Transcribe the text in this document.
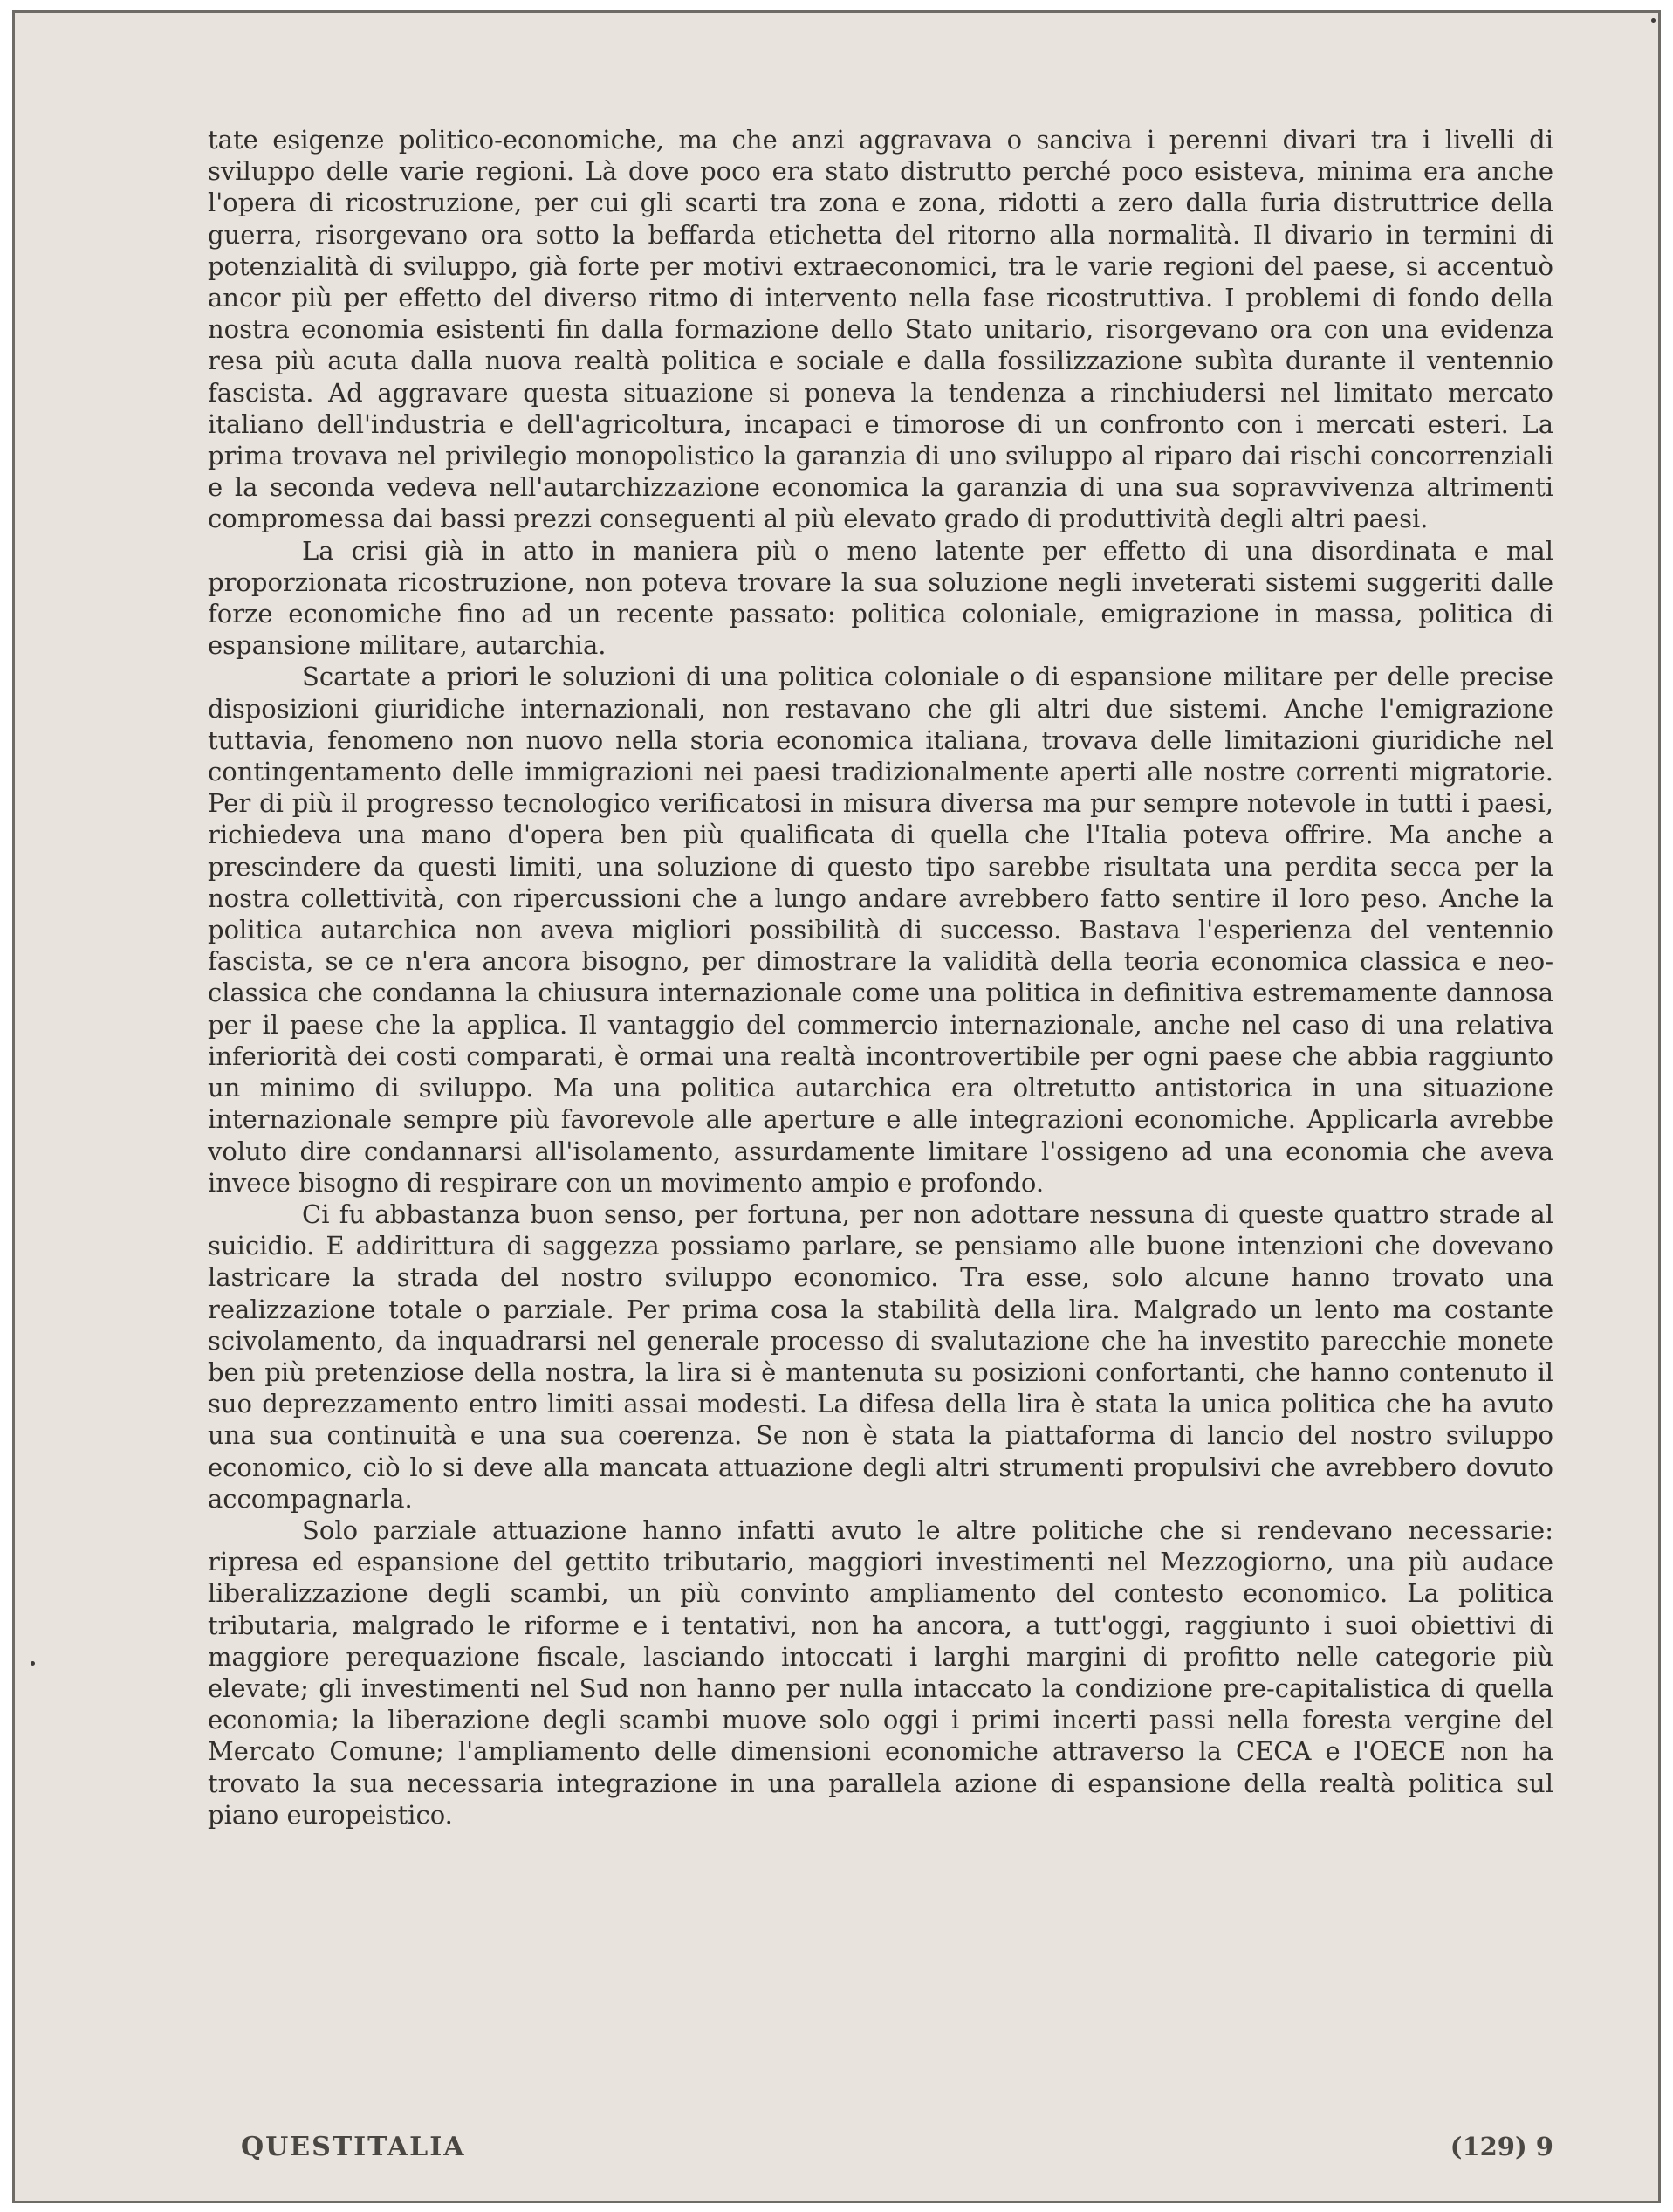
tate esigenze politico-economiche, ma che anzi aggravava o sanciva i perenni divari tra i livelli di sviluppo delle varie regioni. Là dove poco era stato distrutto perché poco esisteva, minima era anche l'opera di ricostruzione, per cui gli scarti tra zona e zona, ridotti a zero dalla furia distruttrice della guerra, risorgevano ora sotto la beffarda etichetta del ritorno alla normalità. Il divario in termini di potenzialità di sviluppo, già forte per motivi extraeconomici, tra le varie regioni del paese, si accentuò ancor più per effetto del diverso ritmo di intervento nella fase ricostruttiva. I problemi di fondo della nostra economia esistenti fin dalla formazione dello Stato unitario, risorgevano ora con una evidenza resa più acuta dalla nuova realtà politica e sociale e dalla fossilizzazione subìta durante il ventennio fascista. Ad aggravare questa situazione si poneva la tendenza a rinchiudersi nel limitato mercato italiano dell'industria e dell'agricoltura, incapaci e timorose di un confronto con i mercati esteri. La prima trovava nel privilegio monopolistico la garanzia di uno sviluppo al riparo dai rischi concorrenziali e la seconda vedeva nell'autarchizzazione economica la garanzia di una sua sopravvivenza altrimenti compromessa dai bassi prezzi conseguenti al più elevato grado di produttività degli altri paesi.

La crisi già in atto in maniera più o meno latente per effetto di una disordinata e mal proporzionata ricostruzione, non poteva trovare la sua soluzione negli inveterati sistemi suggeriti dalle forze economiche fino ad un recente passato: politica coloniale, emigrazione in massa, politica di espansione militare, autarchia.

Scartate a priori le soluzioni di una politica coloniale o di espansione militare per delle precise disposizioni giuridiche internazionali, non restavano che gli altri due sistemi. Anche l'emigrazione tuttavia, fenomeno non nuovo nella storia economica italiana, trovava delle limitazioni giuridiche nel contingentamento delle immigrazioni nei paesi tradizionalmente aperti alle nostre correnti migratorie. Per di più il progresso tecnologico verificatosi in misura diversa ma pur sempre notevole in tutti i paesi, richiedeva una mano d'opera ben più qualificata di quella che l'Italia poteva offrire. Ma anche a prescindere da questi limiti, una soluzione di questo tipo sarebbe risultata una perdita secca per la nostra collettività, con ripercussioni che a lungo andare avrebbero fatto sentire il loro peso. Anche la politica autarchica non aveva migliori possibilità di successo. Bastava l'esperienza del ventennio fascista, se ce n'era ancora bisogno, per dimostrare la validità della teoria economica classica e neo-classica che condanna la chiusura internazionale come una politica in definitiva estremamente dannosa per il paese che la applica. Il vantaggio del commercio internazionale, anche nel caso di una relativa inferiorità dei costi comparati, è ormai una realtà incontrovertibile per ogni paese che abbia raggiunto un minimo di sviluppo. Ma una politica autarchica era oltretutto antistorica in una situazione internazionale sempre più favorevole alle aperture e alle integrazioni economiche. Applicarla avrebbe voluto dire condannarsi all'isolamento, assurdamente limitare l'ossigeno ad una economia che aveva invece bisogno di respirare con un movimento ampio e profondo.

Ci fu abbastanza buon senso, per fortuna, per non adottare nessuna di queste quattro strade al suicidio. E addirittura di saggezza possiamo parlare, se pensiamo alle buone intenzioni che dovevano lastricare la strada del nostro sviluppo economico. Tra esse, solo alcune hanno trovato una realizzazione totale o parziale. Per prima cosa la stabilità della lira. Malgrado un lento ma costante scivolamento, da inquadrarsi nel generale processo di svalutazione che ha investito parecchie monete ben più pretenziose della nostra, la lira si è mantenuta su posizioni confortanti, che hanno contenuto il suo deprezzamento entro limiti assai modesti. La difesa della lira è stata la unica politica che ha avuto una sua continuità e una sua coerenza. Se non è stata la piattaforma di lancio del nostro sviluppo economico, ciò lo si deve alla mancata attuazione degli altri strumenti propulsivi che avrebbero dovuto accompagnarla.

Solo parziale attuazione hanno infatti avuto le altre politiche che si rendevano necessarie: ripresa ed espansione del gettito tributario, maggiori investimenti nel Mezzogiorno, una più audace liberalizzazione degli scambi, un più convinto ampliamento del contesto economico. La politica tributaria, malgrado le riforme e i tentativi, non ha ancora, a tutt'oggi, raggiunto i suoi obiettivi di maggiore perequazione fiscale, lasciando intoccati i larghi margini di profitto nelle categorie più elevate; gli investimenti nel Sud non hanno per nulla intaccato la condizione pre-capitalistica di quella economia; la liberazione degli scambi muove solo oggi i primi incerti passi nella foresta vergine del Mercato Comune; l'ampliamento delle dimensioni economiche attraverso la CECA e l'OECE non ha trovato la sua necessaria integrazione in una parallela azione di espansione della realtà politica sul piano europeistico.

QUESTITALIA	(129) 9
